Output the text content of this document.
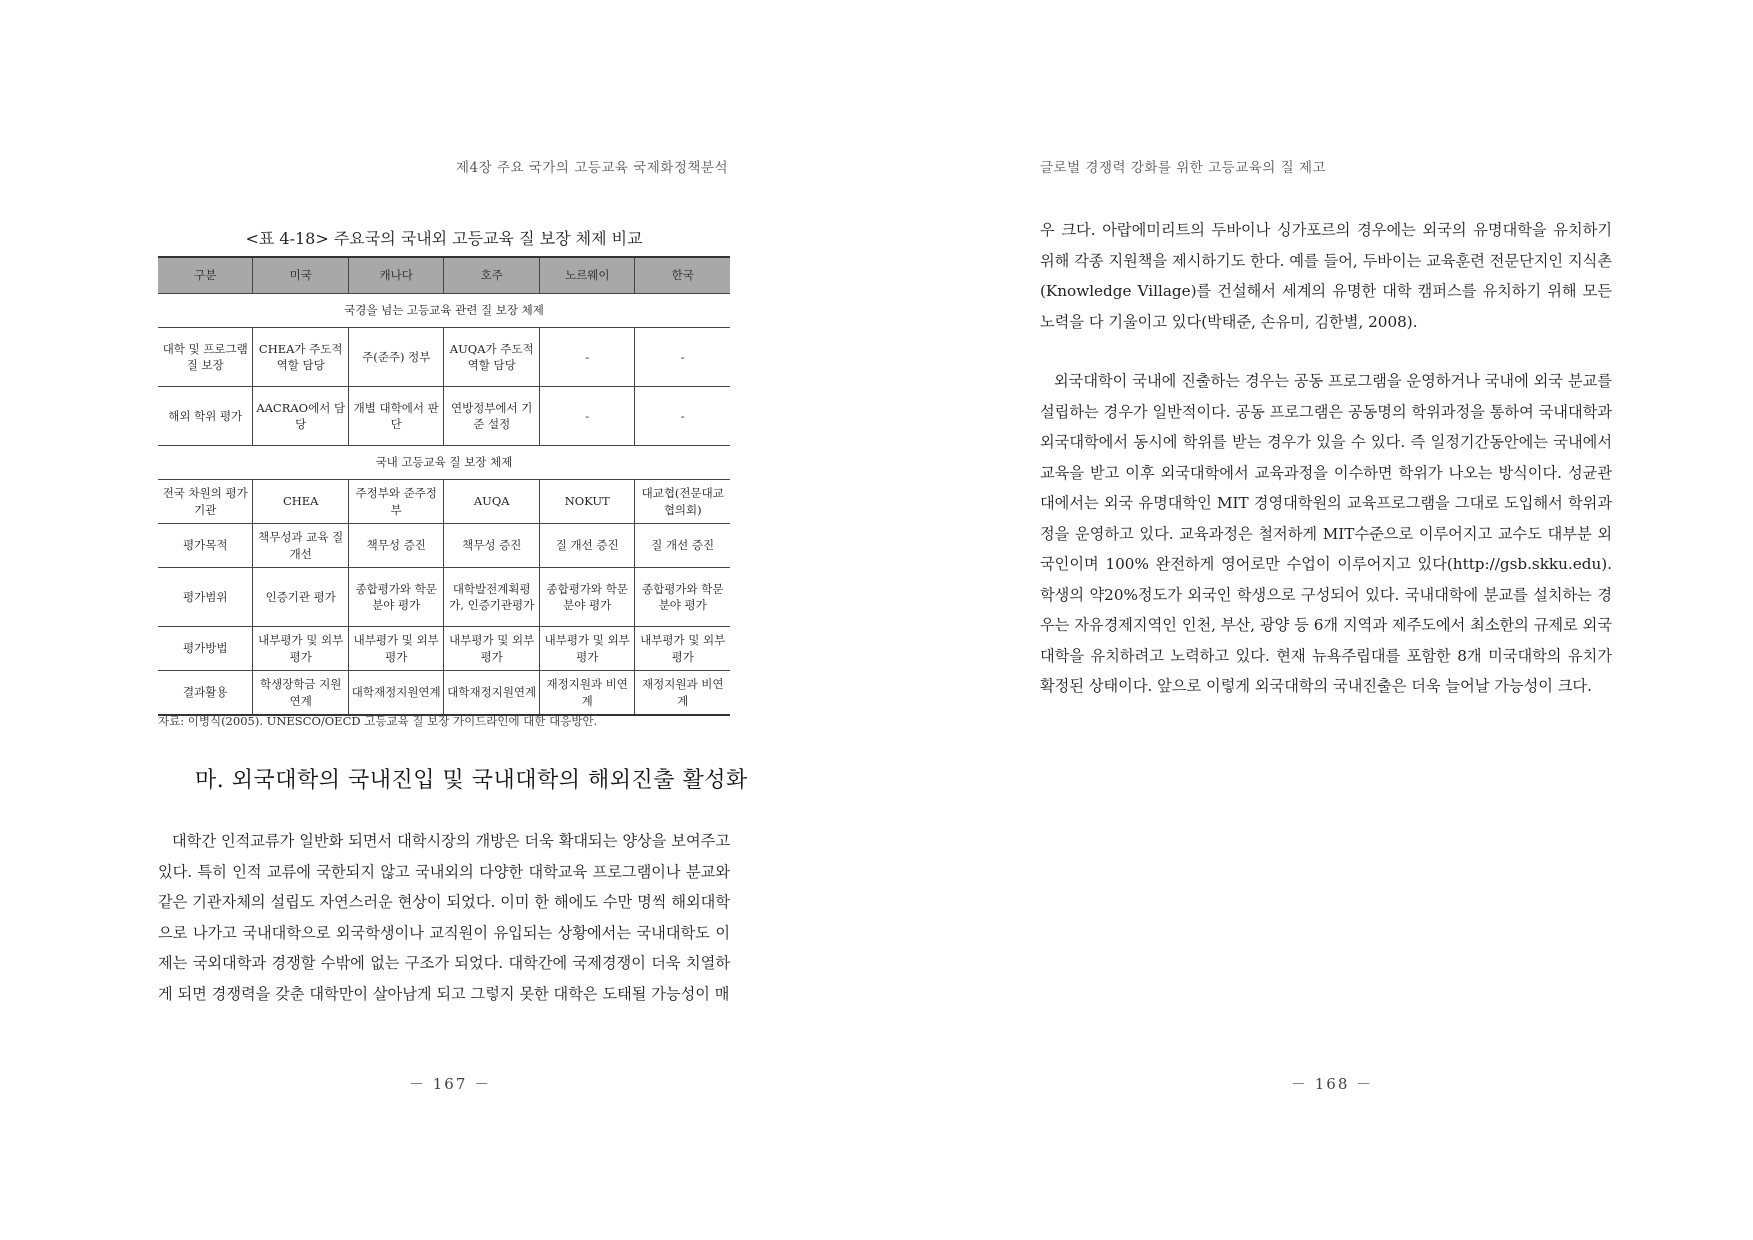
제4장 주요 국가의 고등교육 국제화정책분석
<표 4-18> 주요국의 국내외 고등교육 질 보장 체제 비교
구분	미국	캐나다	호주	노르웨이	한국
국경을 넘는 고등교육 관련 질 보장 체제					
대학 및 프로그램 질 보장	CHEA가 주도적 역할 담당	주(준주) 정부	AUQA가 주도적 역할 담당	-	-
해외 학위 평가	AACRAO에서 담당	개별 대학에서 판단	연방정부에서 기준 설정	-	-
국내 고등교육 질 보장 체제					
전국 차원의 평가기관	CHEA	주정부와 준주정부	AUQA	NOKUT	대교협(전문대교협의회)
평가목적	책무성과 교육 질 개선	책무성 증진	책무성 증진	질 개선 증진	질 개선 증진
평가범위	인증기관 평가	종합평가와 학문분야 평가	대학발전계획평가, 인증기관평가	종합평가와 학문분야 평가	종합평가와 학문분야 평가
평가방법	내부평가 및 외부평가	내부평가 및 외부평가	내부평가 및 외부평가	내부평가 및 외부평가	내부평가 및 외부평가
결과활용	학생장학금 지원 연계	대학재정지원연계	대학재정지원연계	재정지원과 비연계	재정지원과 비연계
자료: 이병식(2005). UNESCO/OECD 고등교육 질 보장 가이드라인에 대한 대응방안.
마. 외국대학의 국내진입 및 국내대학의 해외진출 활성화

대학간 인적교류가 일반화 되면서 대학시장의 개방은 더욱 확대되는 양상을 보여주고 있다. 특히 인적 교류에 국한되지 않고 국내외의 다양한 대학교육 프로그램이나 분교와 같은 기관자체의 설립도 자연스러운 현상이 되었다. 이미 한 해에도 수만 명씩 해외대학으로 나가고 국내대학으로 외국학생이나 교직원이 유입되는 상황에서는 국내대학도 이제는 국외대학과 경쟁할 수밖에 없는 구조가 되었다. 대학간에 국제경쟁이 더욱 치열하게 되면 경쟁력을 갖춘 대학만이 살아남게 되고 그렇지 못한 대학은 도태될 가능성이 매

－ 167 －
글로벌 경쟁력 강화를 위한 고등교육의 질 제고

우 크다. 아랍에미리트의 두바이나 싱가포르의 경우에는 외국의 유명대학을 유치하기 위해 각종 지원책을 제시하기도 한다. 예를 들어, 두바이는 교육훈련 전문단지인 지식촌(Knowledge Village)를 건설해서 세계의 유명한 대학 캠퍼스를 유치하기 위해 모든 노력을 다 기울이고 있다(박태준, 손유미, 김한별, 2008).

외국대학이 국내에 진출하는 경우는 공동 프로그램을 운영하거나 국내에 외국 분교를 설립하는 경우가 일반적이다. 공동 프로그램은 공동명의 학위과정을 통하여 국내대학과 외국대학에서 동시에 학위를 받는 경우가 있을 수 있다. 즉 일정기간동안에는 국내에서 교육을 받고 이후 외국대학에서 교육과정을 이수하면 학위가 나오는 방식이다. 성균관대에서는 외국 유명대학인 MIT 경영대학원의 교육프로그램을 그대로 도입해서 학위과정을 운영하고 있다. 교육과정은 철저하게 MIT수준으로 이루어지고 교수도 대부분 외국인이며 100% 완전하게 영어로만 수업이 이루어지고 있다(http://gsb.skku.edu). 학생의 약20%정도가 외국인 학생으로 구성되어 있다. 국내대학에 분교를 설치하는 경우는 자유경제지역인 인천, 부산, 광양 등 6개 지역과 제주도에서 최소한의 규제로 외국대학을 유치하려고 노력하고 있다. 현재 뉴욕주립대를 포함한 8개 미국대학의 유치가 확정된 상태이다. 앞으로 이렇게 외국대학의 국내진출은 더욱 늘어날 가능성이 크다.

－ 168 －
